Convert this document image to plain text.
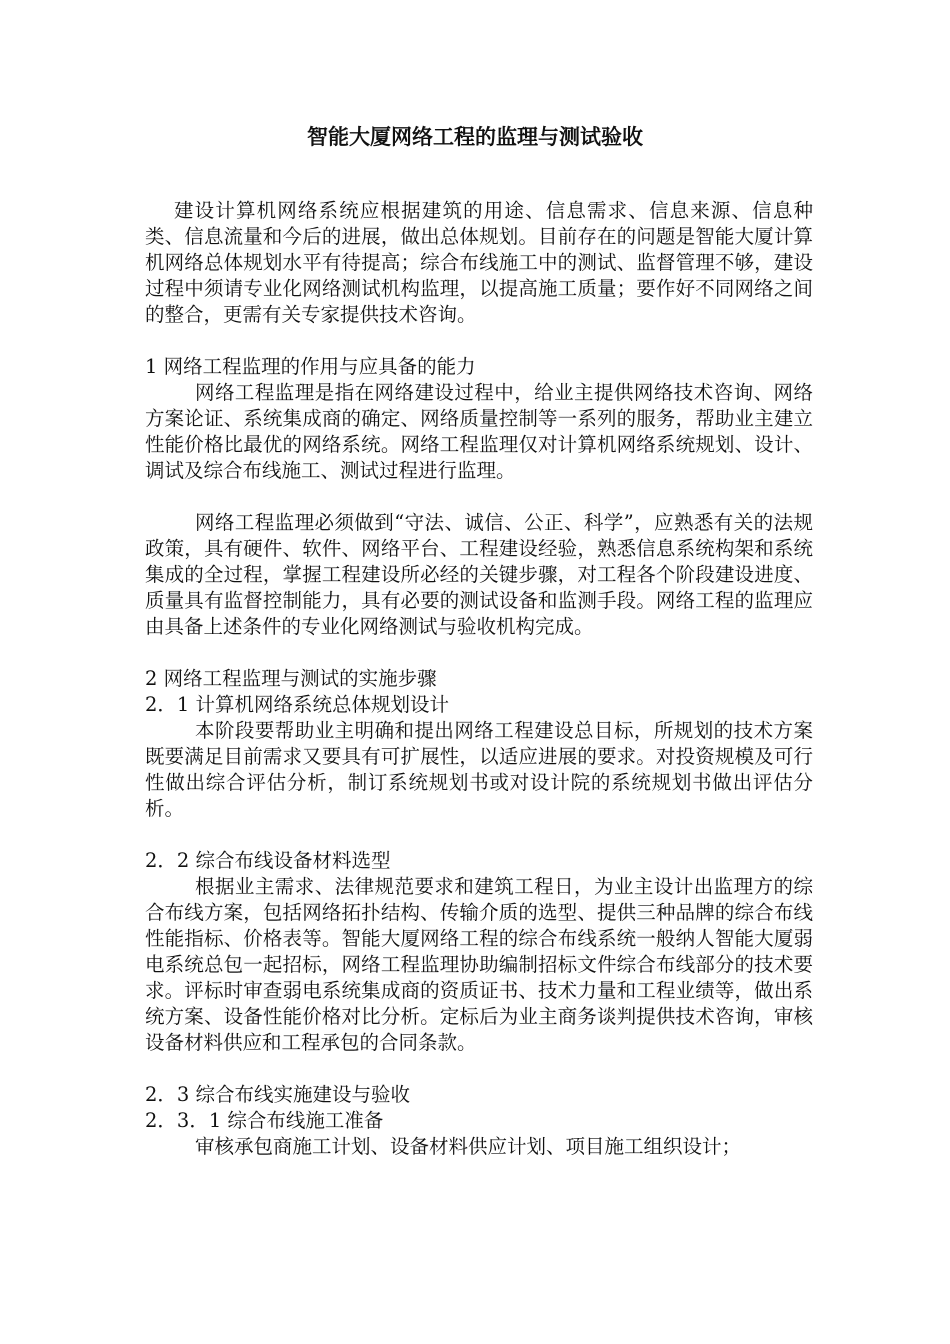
智能大厦网络工程的监理与测试验收

建设计算机网络系统应根据建筑的用途、信息需求、信息来源、信息种类、信息流量和今后的进展，做出总体规划。目前存在的问题是智能大厦计算机网络总体规划水平有待提高；综合布线施工中的测试、监督管理不够，建设过程中须请专业化网络测试机构监理，以提高施工质量；要作好不同网络之间的整合，更需有关专家提供技术咨询。

1 网络工程监理的作用与应具备的能力

网络工程监理是指在网络建设过程中，给业主提供网络技术咨询、网络方案论证、系统集成商的确定、网络质量控制等一系列的服务，帮助业主建立性能价格比最优的网络系统。网络工程监理仅对计算机网络系统规划、设计、调试及综合布线施工、测试过程进行监理。

网络工程监理必须做到“守法、诚信、公正、科学”，应熟悉有关的法规政策，具有硬件、软件、网络平台、工程建设经验，熟悉信息系统构架和系统集成的全过程，掌握工程建设所必经的关键步骤，对工程各个阶段建设进度、质量具有监督控制能力，具有必要的测试设备和监测手段。网络工程的监理应由具备上述条件的专业化网络测试与验收机构完成。

2 网络工程监理与测试的实施步骤

2．1 计算机网络系统总体规划设计

本阶段要帮助业主明确和提出网络工程建设总目标，所规划的技术方案既要满足目前需求又要具有可扩展性，以适应进展的要求。对投资规模及可行性做出综合评估分析，制订系统规划书或对设计院的系统规划书做出评估分析。

2．2 综合布线设备材料选型

根据业主需求、法律规范要求和建筑工程日，为业主设计出监理方的综合布线方案，包括网络拓扑结构、传输介质的选型、提供三种品牌的综合布线性能指标、价格表等。智能大厦网络工程的综合布线系统一般纳人智能大厦弱电系统总包一起招标，网络工程监理协助编制招标文件综合布线部分的技术要求。评标时审查弱电系统集成商的资质证书、技术力量和工程业绩等，做出系统方案、设备性能价格对比分析。定标后为业主商务谈判提供技术咨询，审核设备材料供应和工程承包的合同条款。

2．3 综合布线实施建设与验收

2．3．1 综合布线施工准备

审核承包商施工计划、设备材料供应计划、项目施工组织设计；
